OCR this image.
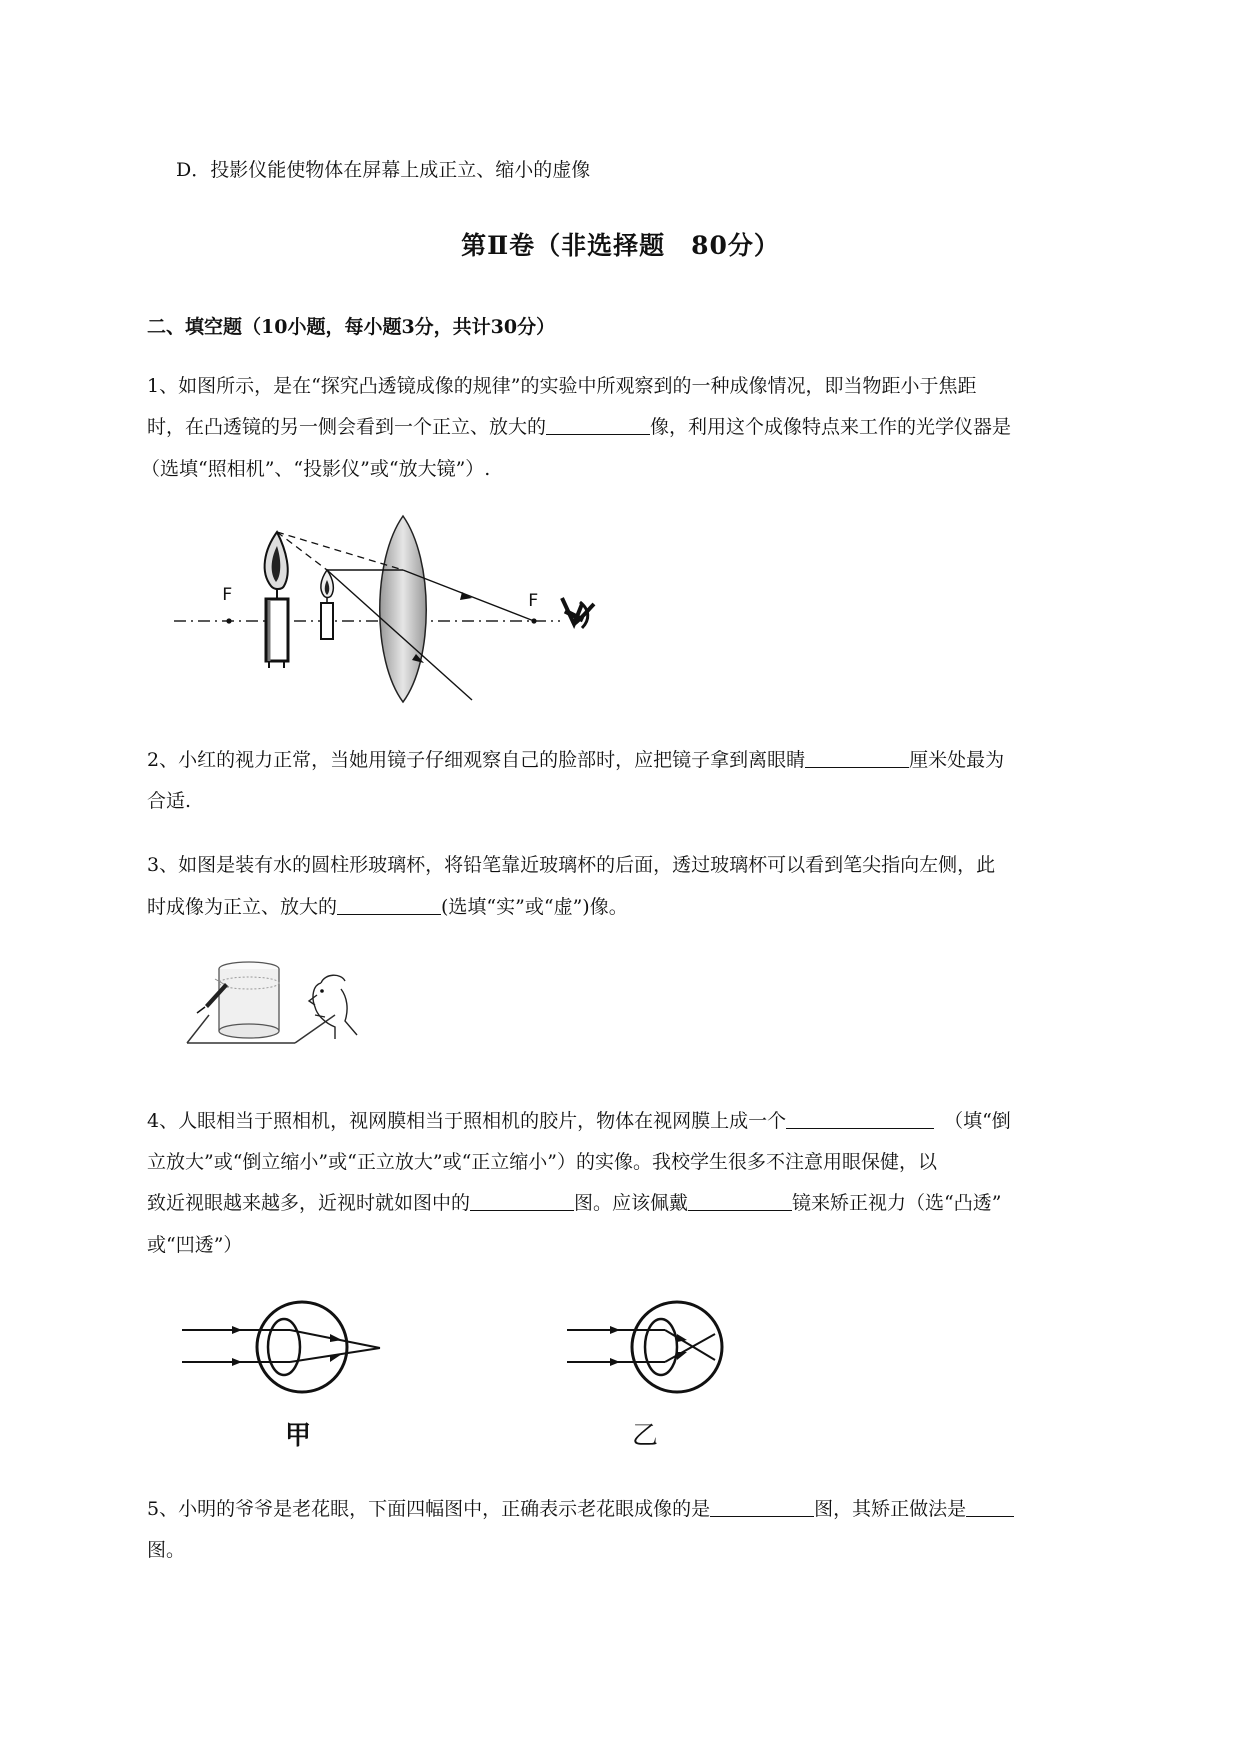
D．投影仪能使物体在屏幕上成正立、缩小的虚像
第Ⅱ卷（非选择题　80分）
二、填空题（10小题，每小题3分，共计30分）
1、如图所示，是在“探究凸透镜成像的规律”的实验中所观察到的一种成像情况，即当物距小于焦距
时，在凸透镜的另一侧会看到一个正立、放大的	像，利用这个成像特点来工作的光学仪器是
（选填“照相机”、“投影仪”或“放大镜”）.
F	F
2、小红的视力正常，当她用镜子仔细观察自己的脸部时，应把镜子拿到离眼睛	厘米处最为
合适.
3、如图是装有水的圆柱形玻璃杯，将铅笔靠近玻璃杯的后面，透过玻璃杯可以看到笔尖指向左侧，此
时成像为正立、放大的	(选填“实”或“虚”)像。
4、人眼相当于照相机，视网膜相当于照相机的胶片，物体在视网膜上成一个	（填“倒
立放大”或“倒立缩小”或“正立放大”或“正立缩小”）的实像。我校学生很多不注意用眼保健，以
致近视眼越来越多，近视时就如图中的	图。应该佩戴	镜来矫正视力（选“凸透”
或“凹透”）
甲	乙
5、小明的爷爷是老花眼，下面四幅图中，正确表示老花眼成像的是	图，其矫正做法是
图。
